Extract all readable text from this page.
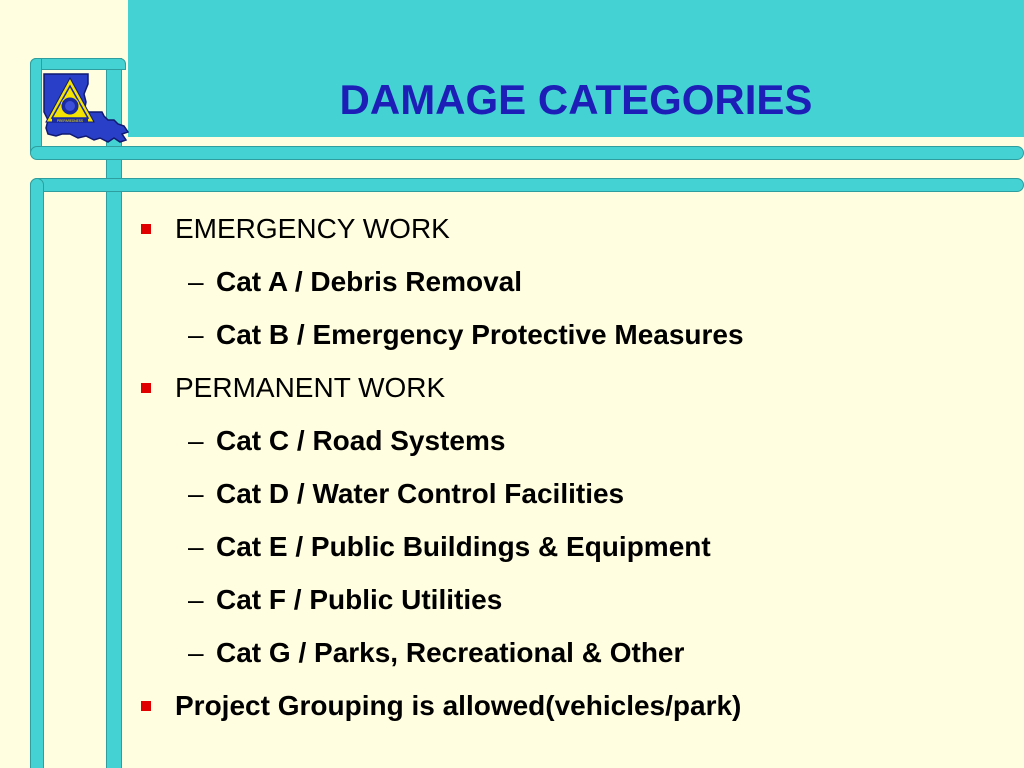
PREPAREDNESS	DAMAGE CATEGORIES
EMERGENCY WORK
– Cat A / Debris Removal
– Cat B / Emergency Protective Measures
PERMANENT WORK
– Cat C / Road Systems
– Cat D / Water Control Facilities
– Cat E / Public Buildings & Equipment
– Cat F / Public Utilities
– Cat G / Parks, Recreational & Other
Project Grouping is allowed(vehicles/park)
